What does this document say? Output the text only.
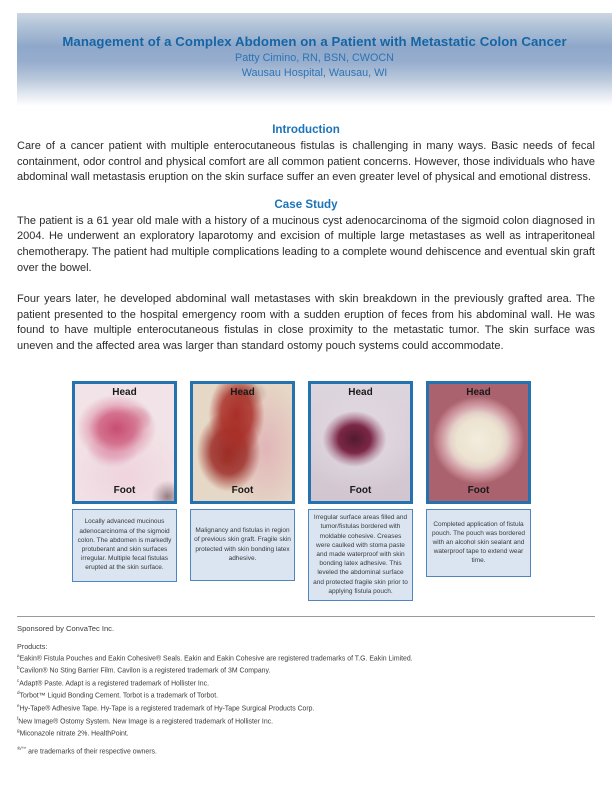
Management of a Complex Abdomen on a Patient with Metastatic Colon Cancer
Patty Cimino, RN, BSN, CWOCN
Wausau Hospital, Wausau, WI
Introduction
Care of a cancer patient with multiple enterocutaneous fistulas is challenging in many ways. Basic needs of fecal containment, odor control and physical comfort are all common patient concerns. However, those individuals who have abdominal wall metastasis eruption on the skin surface suffer an even greater level of physical and emotional distress.
Case Study
The patient is a 61 year old male with a history of a mucinous cyst adenocarcinoma of the sigmoid colon diagnosed in 2004. He underwent an exploratory laparotomy and excision of multiple large metastases as well as intraperitoneal chemotherapy. The patient had multiple complications leading to a complete wound dehiscence and eventual skin graft over the bowel.
Four years later, he developed abdominal wall metastases with skin breakdown in the previously grafted area. The patient presented to the hospital emergency room with a sudden eruption of feces from his abdominal wall. He was found to have multiple enterocutaneous fistulas in close proximity to the metastatic tumor. The skin surface was uneven and the affected area was larger than standard ostomy pouch systems could accommodate.
Head
Foot
Locally advanced mucinous adenocarcinoma of the sigmoid colon. The abdomen is markedly protuberant and skin surfaces irregular. Multiple fecal fistulas erupted at the skin surface.
Head
Foot
Malignancy and fistulas in region of previous skin graft. Fragile skin protected with skin bonding latex adhesive.
Head
Foot
Irregular surface areas filled and tumor/fistulas bordered with moldable cohesive. Creases were caulked with stoma paste and made waterproof with skin bonding latex adhesive. This leveled the abdominal surface and protected fragile skin prior to applying fistula pouch.
Head
Foot
Completed application of fistula pouch. The pouch was bordered with an alcohol skin sealant and waterproof tape to extend wear time.
Sponsored by ConvaTec Inc.
Products:
$^a$Eakin® Fistula Pouches and Eakin Cohesive® Seals. Eakin and Eakin Cohesive are registered trademarks of T.G. Eakin Limited.
$^b$Cavilon® No Sting Barrier Film. Cavilon is a registered trademark of 3M Company.
$^c$Adapt® Paste. Adapt is a registered trademark of Hollister Inc.
$^d$Torbot™ Liquid Bonding Cement. Torbot is a trademark of Torbot.
$^e$Hy-Tape® Adhesive Tape. Hy-Tape is a registered trademark of Hy-Tape Surgical Products Corp.
$^f$New Image® Ostomy System. New Image is a registered trademark of Hollister Inc.
$^g$Miconazole nitrate 2%. HealthPoint.
®/™ are trademarks of their respective owners.
